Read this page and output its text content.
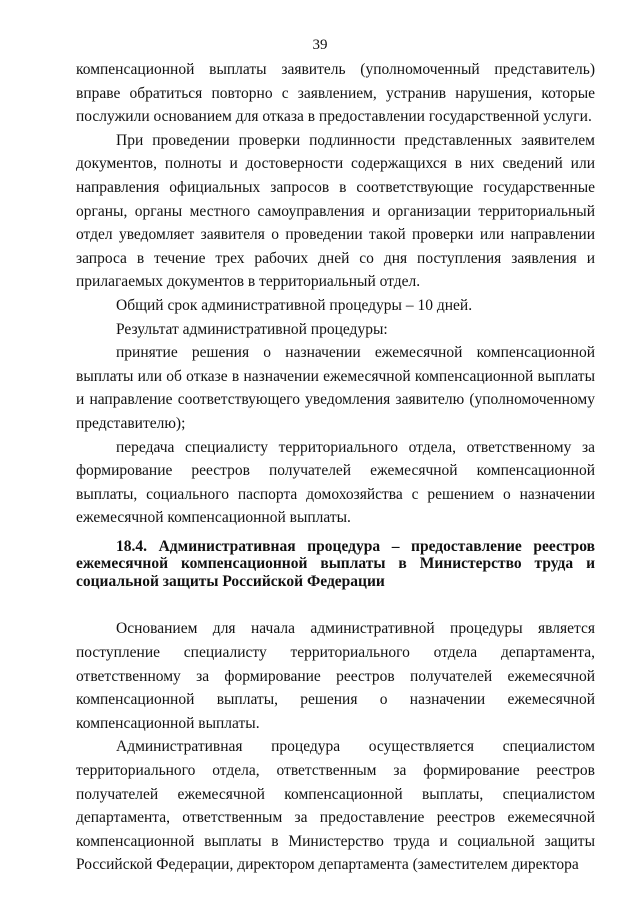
39

компенсационной выплаты заявитель (уполномоченный представитель) вправе обратиться повторно с заявлением, устранив нарушения, которые послужили основанием для отказа в предоставлении государственной услуги.

При проведении проверки подлинности представленных заявителем документов, полноты и достоверности содержащихся в них сведений или направления официальных запросов в соответствующие государственные органы, органы местного самоуправления и организации территориальный отдел уведомляет заявителя о проведении такой проверки или направлении запроса в течение трех рабочих дней со дня поступления заявления и прилагаемых документов в территориальный отдел.

Общий срок административной процедуры – 10 дней.

Результат административной процедуры:

принятие решения о назначении ежемесячной компенсационной выплаты или об отказе в назначении ежемесячной компенсационной выплаты и направление соответствующего уведомления заявителю (уполномоченному представителю);

передача специалисту территориального отдела, ответственному за формирование реестров получателей ежемесячной компенсационной выплаты, социального паспорта домохозяйства с решением о назначении ежемесячной компенсационной выплаты.

18.4. Административная процедура – предоставление реестров ежемесячной компенсационной выплаты в Министерство труда и социальной защиты Российской Федерации

Основанием для начала административной процедуры является поступление специалисту территориального отдела департамента, ответственному за формирование реестров получателей ежемесячной компенсационной выплаты, решения о назначении ежемесячной компенсационной выплаты.

Административная процедура осуществляется специалистом территориального отдела, ответственным за формирование реестров получателей ежемесячной компенсационной выплаты, специалистом департамента, ответственным за предоставление реестров ежемесячной компенсационной выплаты в Министерство труда и социальной защиты Российской Федерации, директором департамента (заместителем директора
